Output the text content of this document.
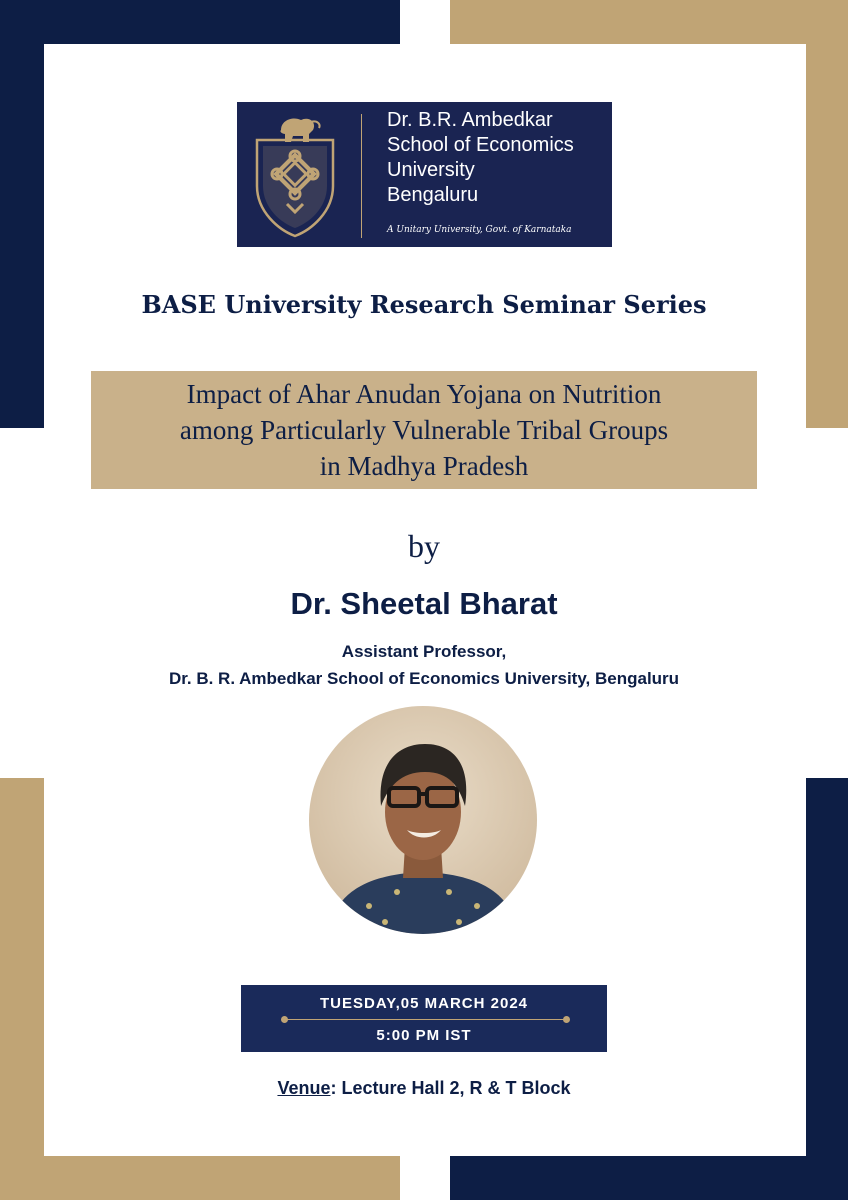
Dr. B.R. Ambedkar
School of Economics
University
Bengaluru
A Unitary University, Govt. of Karnataka
BASE University Research Seminar Series
Impact of Ahar Anudan Yojana on Nutrition
among Particularly Vulnerable Tribal Groups
in Madhya Pradesh
by
Dr. Sheetal Bharat
Assistant Professor,
Dr. B. R. Ambedkar School of Economics University, Bengaluru
TUESDAY,05 MARCH 2024
5:00 PM IST
Venue: Lecture Hall 2, R & T Block
